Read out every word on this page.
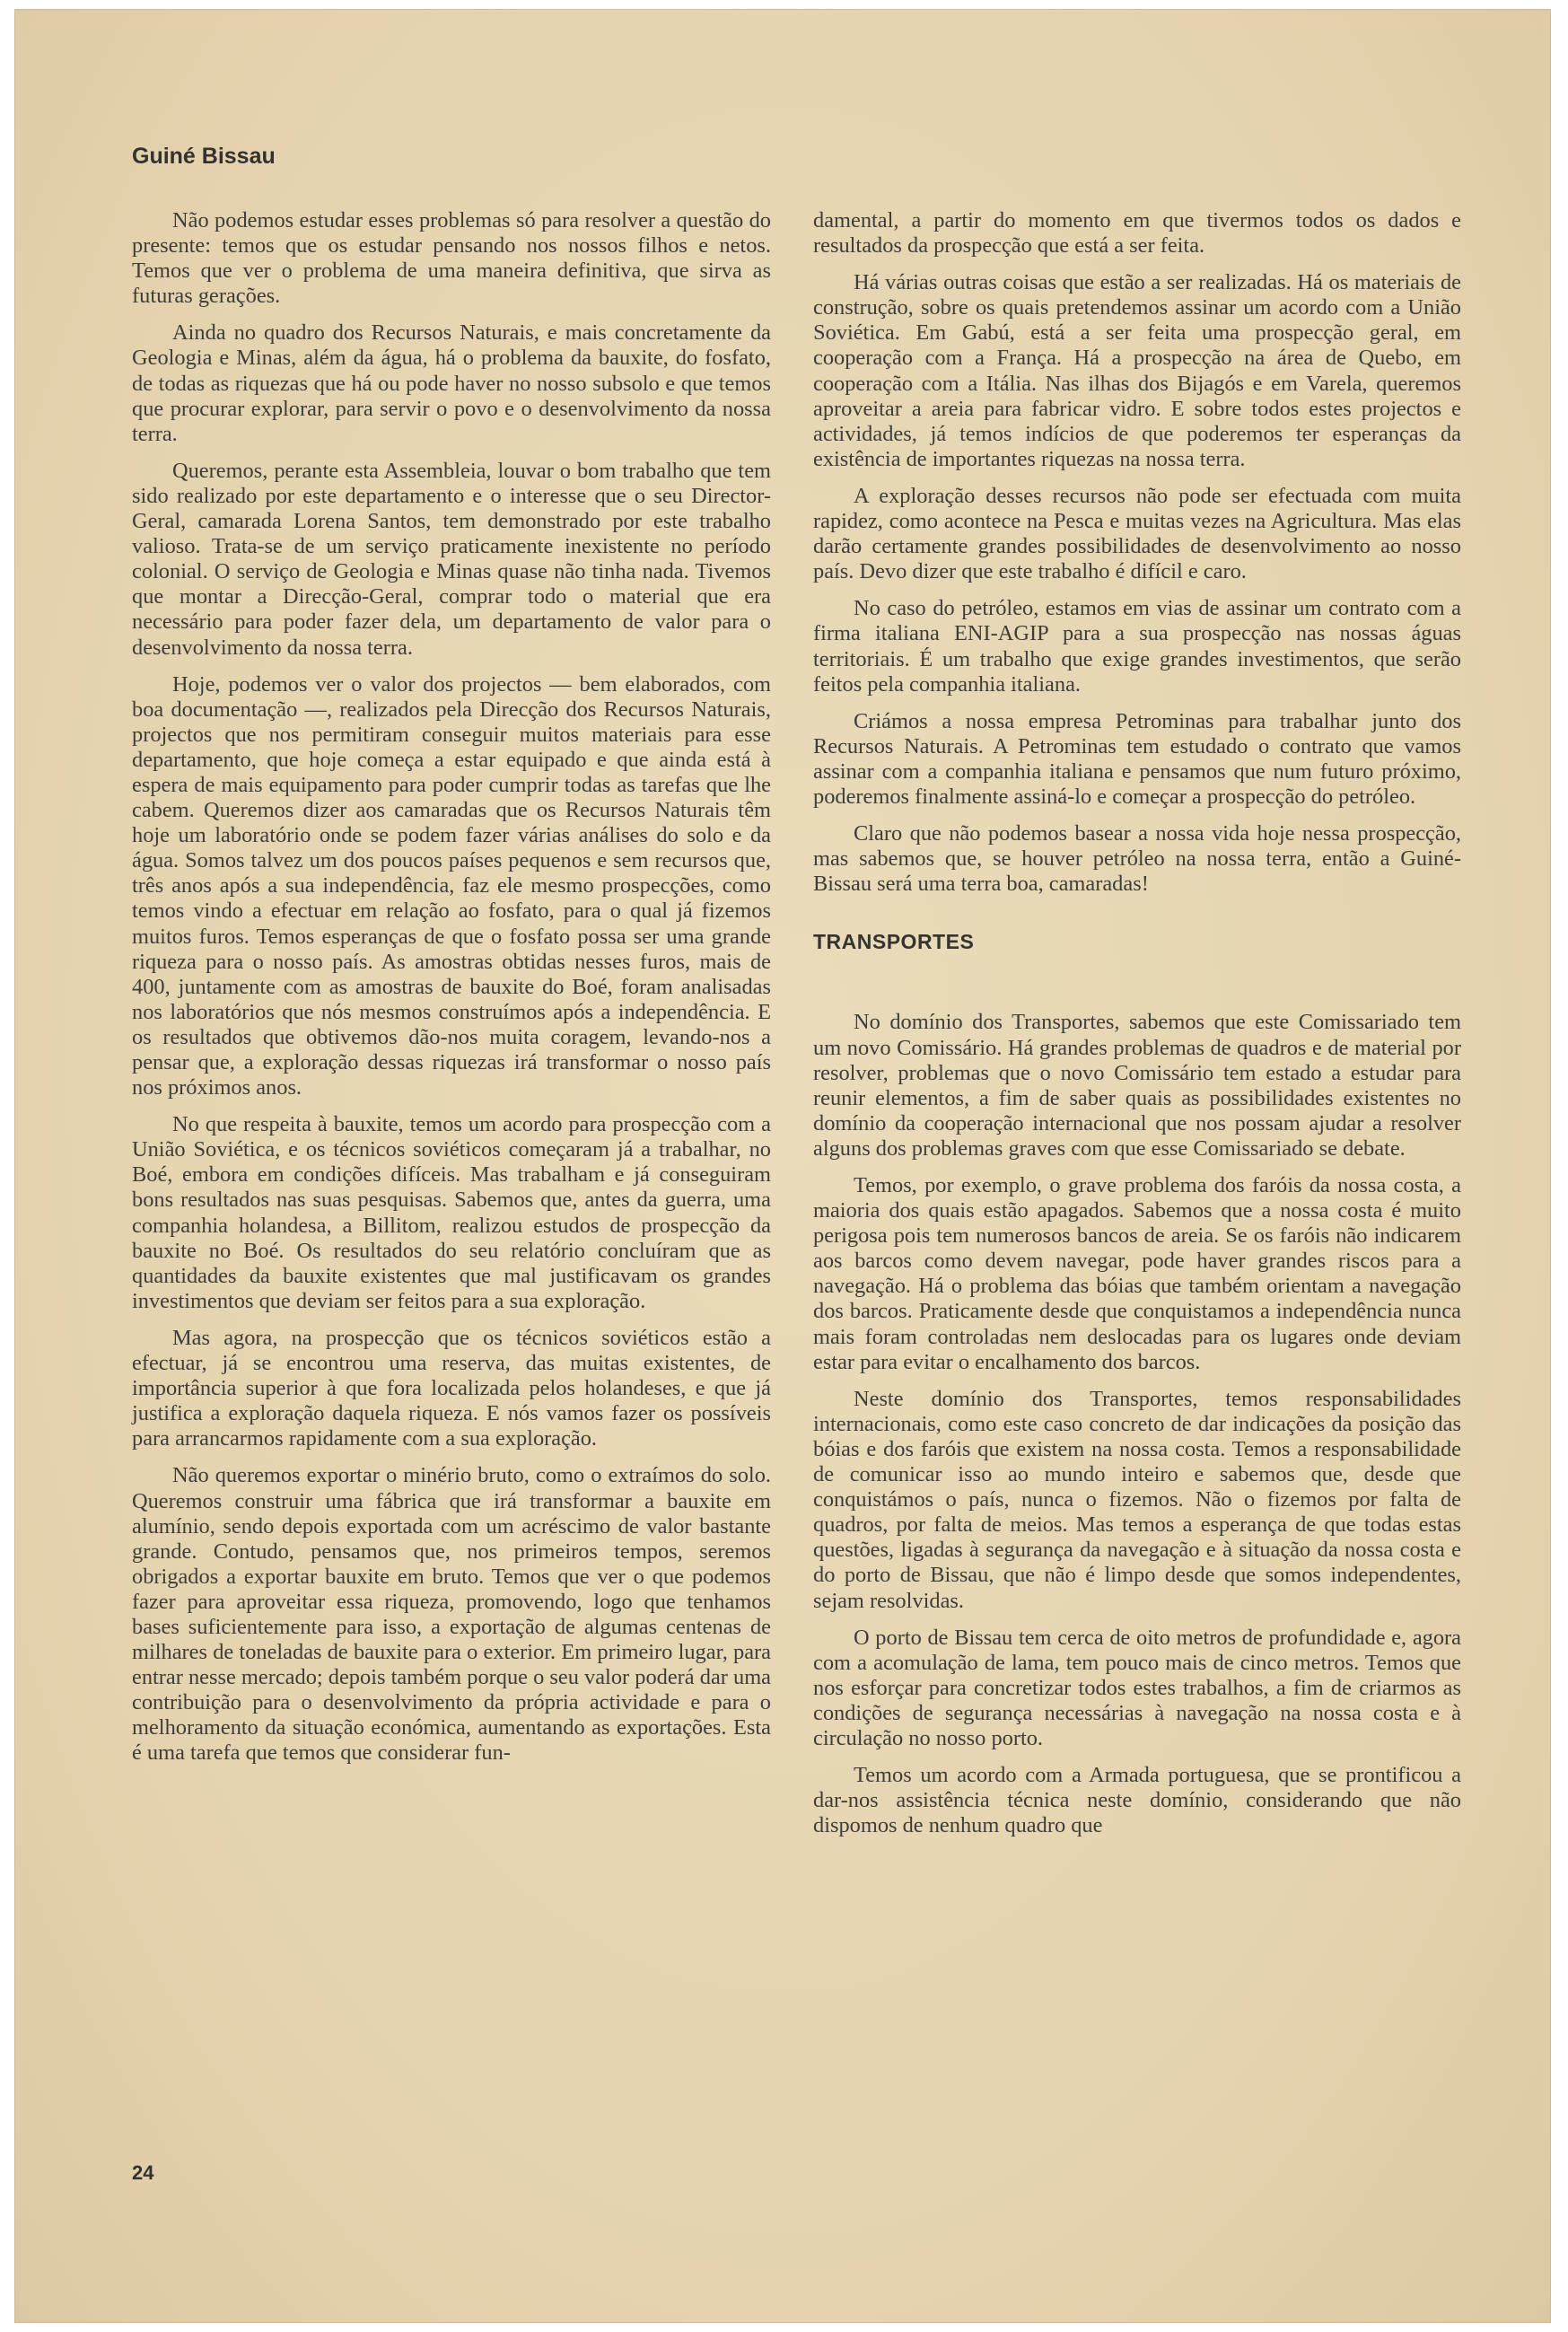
Guiné Bissau

Não podemos estudar esses problemas só para resolver a questão do presente: temos que os estudar pensando nos nossos filhos e netos. Temos que ver o problema de uma maneira definitiva, que sirva as futuras gerações.

Ainda no quadro dos Recursos Naturais, e mais concretamente da Geologia e Minas, além da água, há o problema da bauxite, do fosfato, de todas as riquezas que há ou pode haver no nosso subsolo e que temos que procurar explorar, para servir o povo e o desenvolvimento da nossa terra.

Queremos, perante esta Assembleia, louvar o bom trabalho que tem sido realizado por este departamento e o interesse que o seu Director-Geral, camarada Lorena Santos, tem demonstrado por este trabalho valioso. Trata-se de um serviço praticamente inexistente no período colonial. O serviço de Geologia e Minas quase não tinha nada. Tivemos que montar a Direcção-Geral, comprar todo o material que era necessário para poder fazer dela, um departamento de valor para o desenvolvimento da nossa terra.

Hoje, podemos ver o valor dos projectos — bem elaborados, com boa documentação —, realizados pela Direcção dos Recursos Naturais, projectos que nos permitiram conseguir muitos materiais para esse departamento, que hoje começa a estar equipado e que ainda está à espera de mais equipamento para poder cumprir todas as tarefas que lhe cabem. Queremos dizer aos camaradas que os Recursos Naturais têm hoje um laboratório onde se podem fazer várias análises do solo e da água. Somos talvez um dos poucos países pequenos e sem recursos que, três anos após a sua independência, faz ele mesmo prospecções, como temos vindo a efectuar em relação ao fosfato, para o qual já fizemos muitos furos. Temos esperanças de que o fosfato possa ser uma grande riqueza para o nosso país. As amostras obtidas nesses furos, mais de 400, juntamente com as amostras de bauxite do Boé, foram analisadas nos laboratórios que nós mesmos construímos após a independência. E os resultados que obtivemos dão-nos muita coragem, levando-nos a pensar que, a exploração dessas riquezas irá transformar o nosso país nos próximos anos.

No que respeita à bauxite, temos um acordo para prospecção com a União Soviética, e os técnicos soviéticos começaram já a trabalhar, no Boé, embora em condições difíceis. Mas trabalham e já conseguiram bons resultados nas suas pesquisas. Sabemos que, antes da guerra, uma companhia holandesa, a Billitom, realizou estudos de prospecção da bauxite no Boé. Os resultados do seu relatório concluíram que as quantidades da bauxite existentes que mal justificavam os grandes investimentos que deviam ser feitos para a sua exploração.

Mas agora, na prospecção que os técnicos soviéticos estão a efectuar, já se encontrou uma reserva, das muitas existentes, de importância superior à que fora localizada pelos holandeses, e que já justifica a exploração daquela riqueza. E nós vamos fazer os possíveis para arrancarmos rapidamente com a sua exploração.

Não queremos exportar o minério bruto, como o extraímos do solo. Queremos construir uma fábrica que irá transformar a bauxite em alumínio, sendo depois exportada com um acréscimo de valor bastante grande. Contudo, pensamos que, nos primeiros tempos, seremos obrigados a exportar bauxite em bruto. Temos que ver o que podemos fazer para aproveitar essa riqueza, promovendo, logo que tenhamos bases suficientemente para isso, a exportação de algumas centenas de milhares de toneladas de bauxite para o exterior. Em primeiro lugar, para entrar nesse mercado; depois também porque o seu valor poderá dar uma contribuição para o desenvolvimento da própria actividade e para o melhoramento da situação económica, aumentando as exportações. Esta é uma tarefa que temos que considerar fun-

damental, a partir do momento em que tivermos todos os dados e resultados da prospecção que está a ser feita.

Há várias outras coisas que estão a ser realizadas. Há os materiais de construção, sobre os quais pretendemos assinar um acordo com a União Soviética. Em Gabú, está a ser feita uma prospecção geral, em cooperação com a França. Há a prospecção na área de Quebo, em cooperação com a Itália. Nas ilhas dos Bijagós e em Varela, queremos aproveitar a areia para fabricar vidro. E sobre todos estes projectos e actividades, já temos indícios de que poderemos ter esperanças da existência de importantes riquezas na nossa terra.

A exploração desses recursos não pode ser efectuada com muita rapidez, como acontece na Pesca e muitas vezes na Agricultura. Mas elas darão certamente grandes possibilidades de desenvolvimento ao nosso país. Devo dizer que este trabalho é difícil e caro.

No caso do petróleo, estamos em vias de assinar um contrato com a firma italiana ENI-AGIP para a sua prospecção nas nossas águas territoriais. É um trabalho que exige grandes investimentos, que serão feitos pela companhia italiana.

Criámos a nossa empresa Petrominas para trabalhar junto dos Recursos Naturais. A Petrominas tem estudado o contrato que vamos assinar com a companhia italiana e pensamos que num futuro próximo, poderemos finalmente assiná-lo e começar a prospecção do petróleo.

Claro que não podemos basear a nossa vida hoje nessa prospecção, mas sabemos que, se houver petróleo na nossa terra, então a Guiné-Bissau será uma terra boa, camaradas!

TRANSPORTES

No domínio dos Transportes, sabemos que este Comissariado tem um novo Comissário. Há grandes problemas de quadros e de material por resolver, problemas que o novo Comissário tem estado a estudar para reunir elementos, a fim de saber quais as possibilidades existentes no domínio da cooperação internacional que nos possam ajudar a resolver alguns dos problemas graves com que esse Comissariado se debate.

Temos, por exemplo, o grave problema dos faróis da nossa costa, a maioria dos quais estão apagados. Sabemos que a nossa costa é muito perigosa pois tem numerosos bancos de areia. Se os faróis não indicarem aos barcos como devem navegar, pode haver grandes riscos para a navegação. Há o problema das bóias que também orientam a navegação dos barcos. Praticamente desde que conquistamos a independência nunca mais foram controladas nem deslocadas para os lugares onde deviam estar para evitar o encalhamento dos barcos.

Neste domínio dos Transportes, temos responsabilidades internacionais, como este caso concreto de dar indicações da posição das bóias e dos faróis que existem na nossa costa. Temos a responsabilidade de comunicar isso ao mundo inteiro e sabemos que, desde que conquistámos o país, nunca o fizemos. Não o fizemos por falta de quadros, por falta de meios. Mas temos a esperança de que todas estas questões, ligadas à segurança da navegação e à situação da nossa costa e do porto de Bissau, que não é limpo desde que somos independentes, sejam resolvidas.

O porto de Bissau tem cerca de oito metros de profundidade e, agora com a acomulação de lama, tem pouco mais de cinco metros. Temos que nos esforçar para concretizar todos estes trabalhos, a fim de criarmos as condições de segurança necessárias à navegação na nossa costa e à circulação no nosso porto.

Temos um acordo com a Armada portuguesa, que se prontificou a dar-nos assistência técnica neste domínio, considerando que não dispomos de nenhum quadro que

24
